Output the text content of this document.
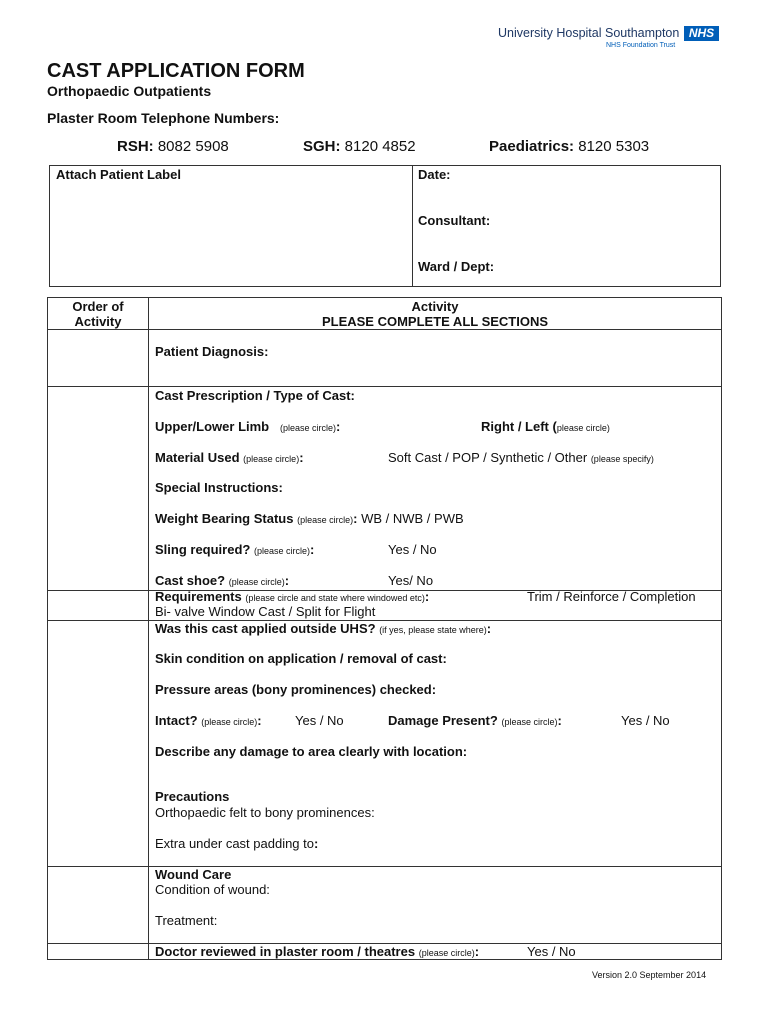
University Hospital Southampton NHS
NHS Foundation Trust
CAST APPLICATION FORM
Orthopaedic Outpatients
Plaster Room Telephone Numbers:
RSH: 8082 5908	SGH: 8120 4852	Paediatrics: 8120 5303
Attach Patient Label	Date:
Consultant:
Ward / Dept:
Order of
Activity
Activity
PLEASE COMPLETE ALL SECTIONS
Patient Diagnosis:
Cast Prescription / Type of Cast:
Upper/Lower Limb (please circle):	Right / Left (please circle)
Material Used (please circle):	Soft Cast / POP / Synthetic / Other (please specify)
Special Instructions:
Weight Bearing Status (please circle): WB / NWB / PWB
Sling required? (please circle):	Yes / No
Cast shoe? (please circle):	Yes/ No
Requirements (please circle and state where windowed etc):	Trim / Reinforce / Completion
Bi- valve Window Cast / Split for Flight
Was this cast applied outside UHS? (if yes, please state where):
Skin condition on application / removal of cast:
Pressure areas (bony prominences) checked:
Intact? (please circle):	Yes / No	Damage Present? (please circle):	Yes / No
Describe any damage to area clearly with location:
Precautions
Orthopaedic felt to bony prominences:
Extra under cast padding to:
Wound Care
Condition of wound:
Treatment:
Doctor reviewed in plaster room / theatres (please circle):	Yes / No
Version 2.0 September 2014
